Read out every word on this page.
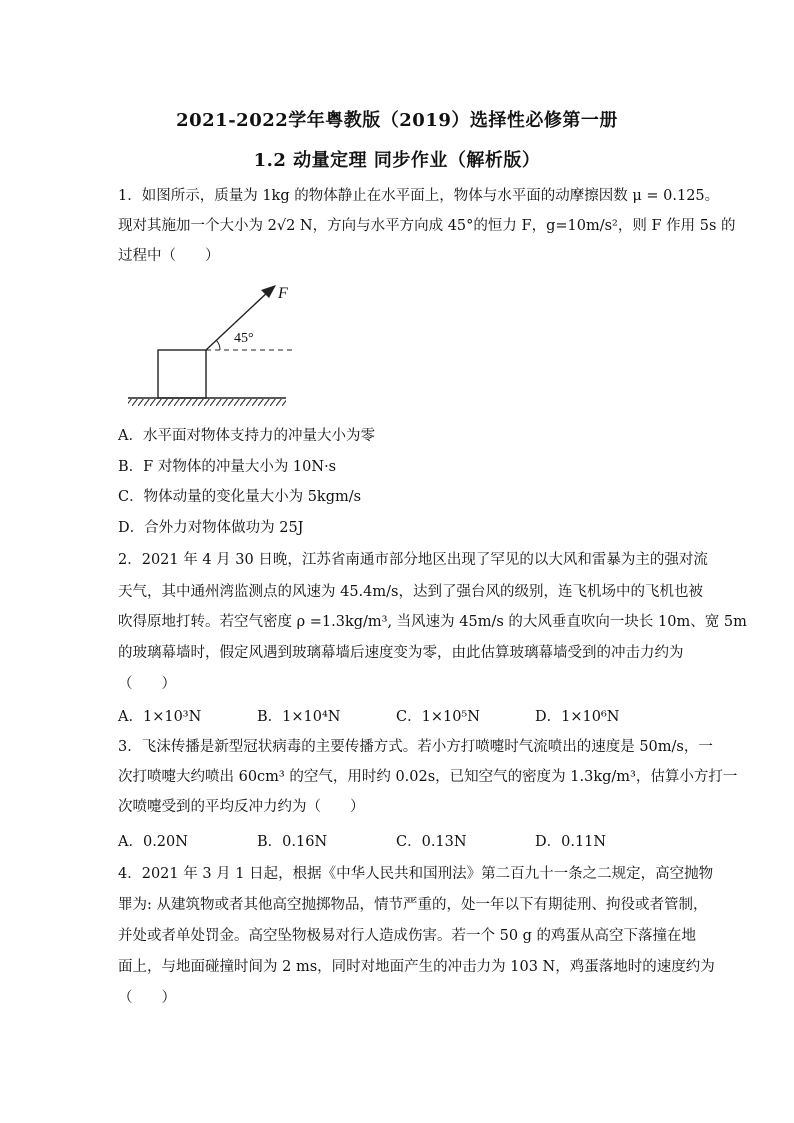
2021-2022学年粤教版（2019）选择性必修第一册
1.2 动量定理 同步作业（解析版）
1．如图所示，质量为 1kg 的物体静止在水平面上，物体与水平面的动摩擦因数 μ = 0.125。
现对其施加一个大小为 2√2 N，方向与水平方向成 45°的恒力 F，g=10m/s²，则 F 作用 5s 的
过程中（　　）
F
45°
A．水平面对物体支持力的冲量大小为零
B．F 对物体的冲量大小为 10N·s
C．物体动量的变化量大小为 5kgm/s
D．合外力对物体做功为 25J
2．2021 年 4 月 30 日晚，江苏省南通市部分地区出现了罕见的以大风和雷暴为主的强对流
天气，其中通州湾监测点的风速为 45.4m/s，达到了强台风的级别，连飞机场中的飞机也被
吹得原地打转。若空气密度 ρ =1.3kg/m³, 当风速为 45m/s 的大风垂直吹向一块长 10m、宽 5m
的玻璃幕墙时，假定风遇到玻璃幕墙后速度变为零，由此估算玻璃幕墙受到的冲击力约为
（　　）
A．1×10³N	B．1×10⁴N	C．1×10⁵N	D．1×10⁶N
3．飞沫传播是新型冠状病毒的主要传播方式。若小方打喷嚏时气流喷出的速度是 50m/s，一
次打喷嚏大约喷出 60cm³ 的空气，用时约 0.02s，已知空气的密度为 1.3kg/m³，估算小方打一
次喷嚏受到的平均反冲力约为（　　）
A．0.20N	B．0.16N	C．0.13N	D．0.11N
4．2021 年 3 月 1 日起，根据《中华人民共和国刑法》第二百九十一条之二规定，高空抛物
罪为: 从建筑物或者其他高空抛掷物品，情节严重的，处一年以下有期徒刑、拘役或者管制，
并处或者单处罚金。高空坠物极易对行人造成伤害。若一个 50 g 的鸡蛋从高空下落撞在地
面上，与地面碰撞时间为 2 ms，同时对地面产生的冲击力为 103 N，鸡蛋落地时的速度约为
（　　）
